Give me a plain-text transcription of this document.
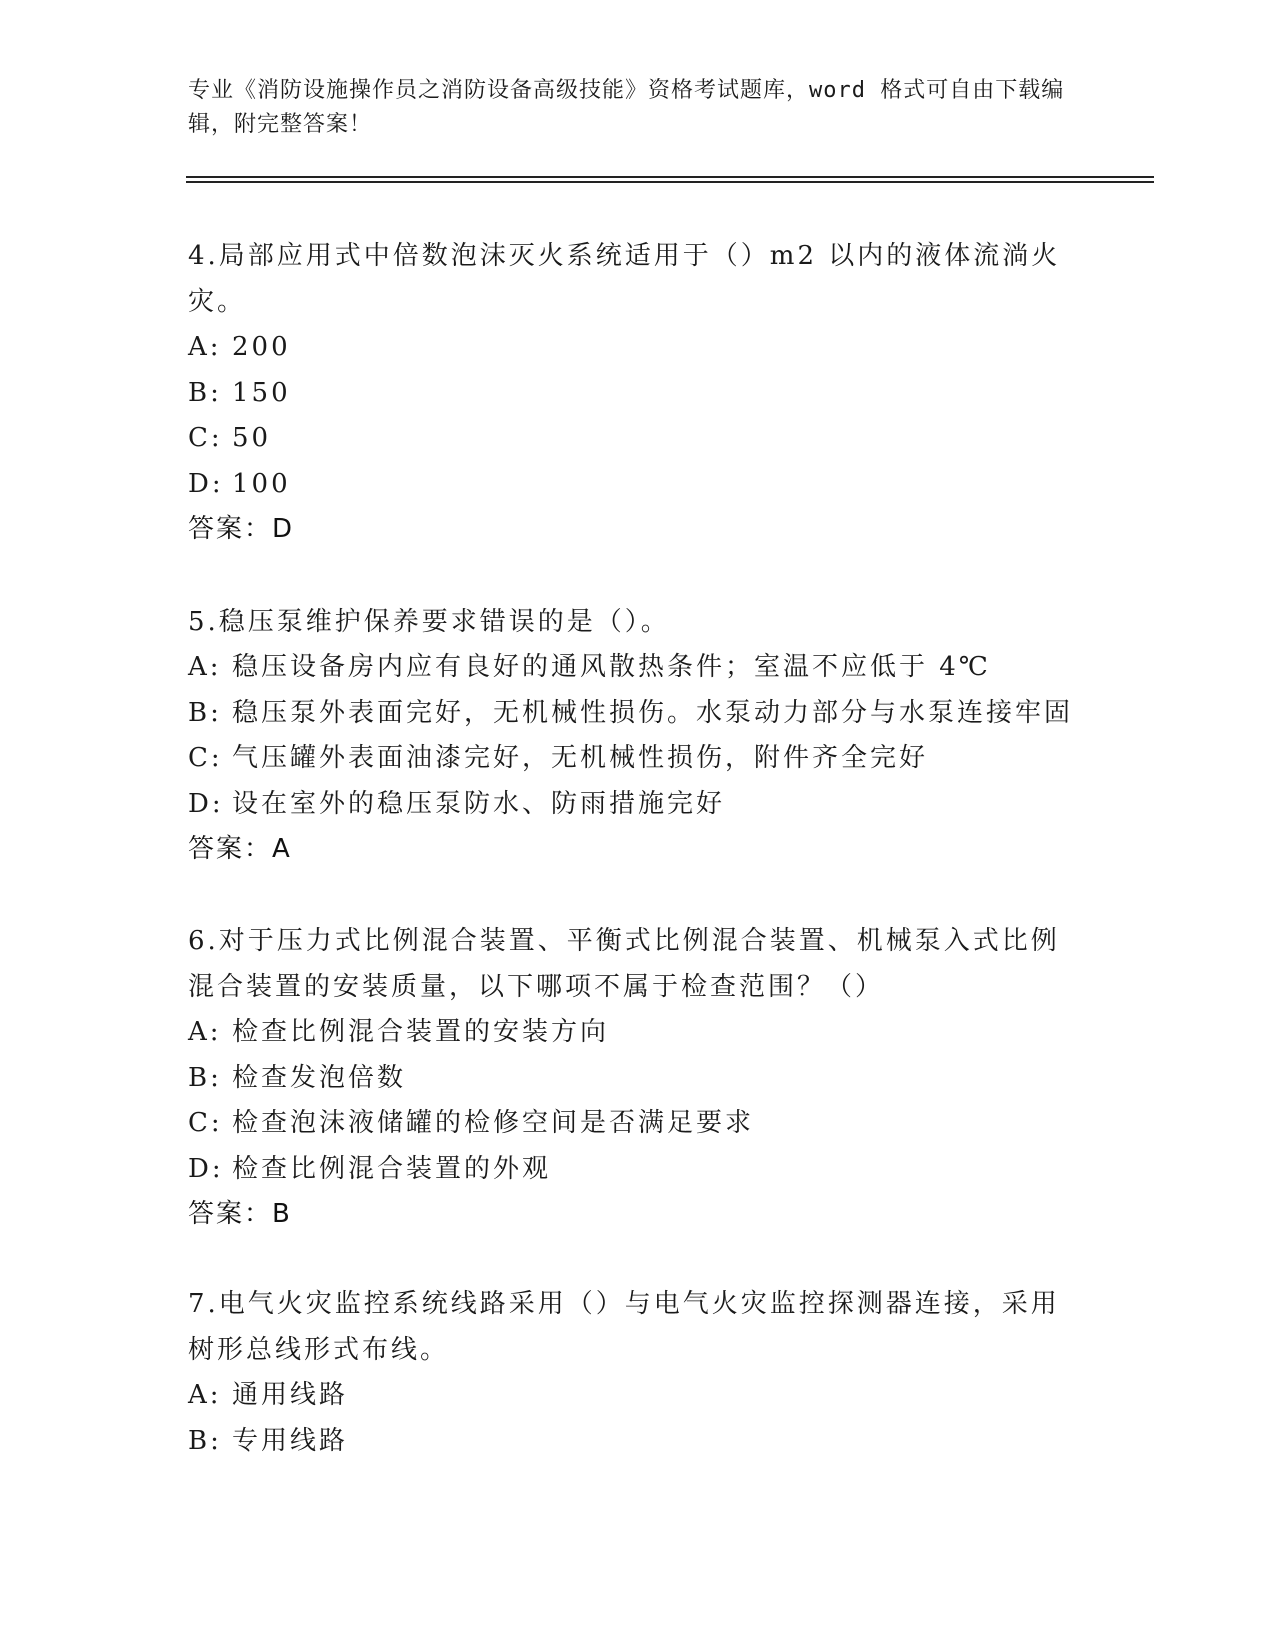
专业《消防设施操作员之消防设备高级技能》资格考试题库，word 格式可自由下载编辑，附完整答案！
4.局部应用式中倍数泡沫灭火系统适用于（）m2 以内的液体流淌火灾。
A: 200
B: 150
C: 50
D: 100
答案：D
5.稳压泵维护保养要求错误的是（）。
A: 稳压设备房内应有良好的通风散热条件；室温不应低于 4℃
B: 稳压泵外表面完好，无机械性损伤。水泵动力部分与水泵连接牢固
C: 气压罐外表面油漆完好，无机械性损伤，附件齐全完好
D: 设在室外的稳压泵防水、防雨措施完好
答案：A
6.对于压力式比例混合装置、平衡式比例混合装置、机械泵入式比例混合装置的安装质量，以下哪项不属于检查范围？（）
A: 检查比例混合装置的安装方向
B: 检查发泡倍数
C: 检查泡沫液储罐的检修空间是否满足要求
D: 检查比例混合装置的外观
答案：B
7.电气火灾监控系统线路采用（）与电气火灾监控探测器连接，采用树形总线形式布线。
A: 通用线路
B: 专用线路
